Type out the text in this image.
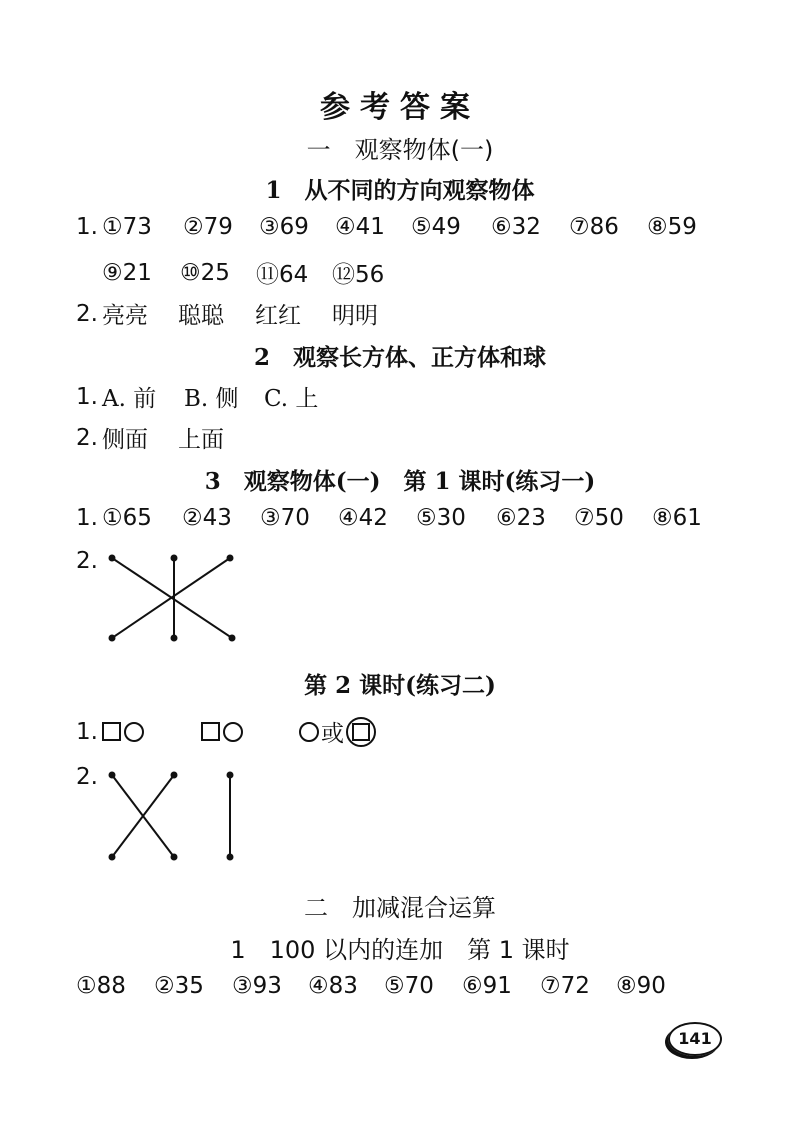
参考答案
一　观察物体(一)
1　从不同的方向观察物体
1. ①73	②79	③69	④41	⑤49	⑥32	⑦86	⑧59
⑨21	⑩25	⑪64	⑫56
2. 亮亮	聪聪	红红	明明
2　观察长方体、正方体和球
1. A. 前	B. 侧	C. 上
2. 侧面	上面
3　观察物体(一)　第 1 课时(练习一)
1. ①65	②43	③70	④42	⑤30	⑥23	⑦50	⑧61
2.
第 2 课时(练习二)
1.	或
2.
二　加减混合运算
1　100 以内的连加　第 1 课时
①88	②35	③93	④83	⑤70	⑥91	⑦72	⑧90
141
